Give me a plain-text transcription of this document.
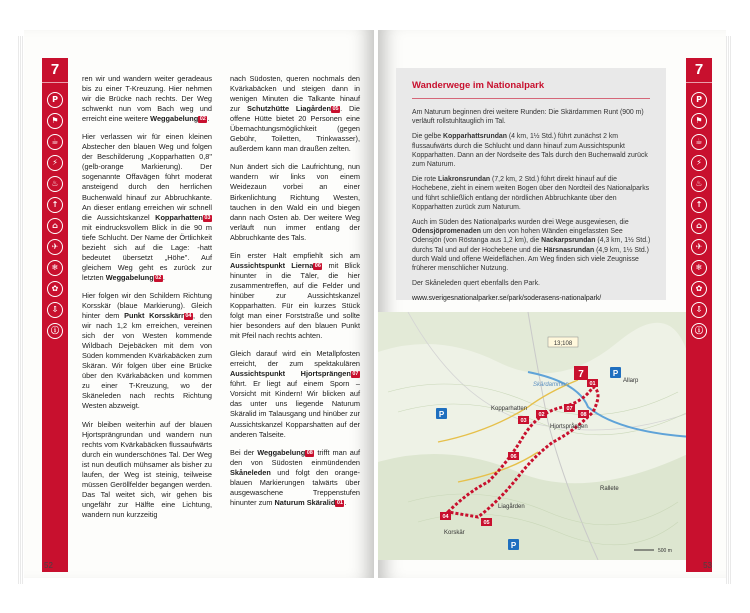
7
P
⚑
☕
⚡
♨
↑
⌂
✈
❄
✿
⇩
ⓘ

ren wir und wandern weiter geradeaus bis zu einer T-Kreuzung. Hier nehmen wir die Brücke nach rechts. Der Weg schwenkt nun vom Bach weg und erreicht eine weitere Weggabelung 02 .

Hier verlassen wir für einen kleinen Abstecher den blauen Weg und folgen der Beschilderung „Kopparhatten 0,8" (gelb-orange Markierung). Der sogenannte Offavägen führt moderat ansteigend durch den herrlichen Buchenwald hinauf zur Abbruchkante. An dieser entlang erreichen wir schnell die Aussichtskanzel Kopparhatten 03 mit eindrucksvollem Blick in die 90 m tiefe Schlucht. Der Name der Örtlichkeit bezieht sich auf die Lage: -hatt bedeutet übersetzt „Höhe". Auf gleichem Weg geht es zurück zur letzten Weggabelung 02 .

Hier folgen wir den Schildern Richtung Korsskär (blaue Markierung). Gleich hinter dem Punkt Korsskärr 04 , den wir nach 1,2 km erreichen, vereinen sich der von Westen kommende Wildbach Dejebäcken mit dem von Süden kommenden Kvärkabäcken zum Skäran. Wir folgen über eine Brücke über den Kvärkabäcken und kommen zu einer T-Kreuzung, wo der Skäneleden nach rechts Richtung Westen abzweigt.

Wir bleiben weiterhin auf der blauen Hjortsprängrundan und wandern nun rechts vom Kvärkabäcken flussaufwärts durch ein wunderschönes Tal. Der Weg ist nun deutlich mühsamer als bisher zu laufen, der Weg ist steinig, teilweise müssen Geröllfelder begangen werden. Das Tal weitet sich, wir gehen bis ungefähr zur Hälfte eine Lichtung, wandern nun kurzzeitig

nach Südosten, queren nochmals den Kvärkabäcken und steigen dann in wenigen Minuten die Talkante hinauf zur Schutzhütte Liagården 05 . Die offene Hütte bietet 20 Personen eine Übernachtungsmöglichkeit (gegen Gebühr, Toiletten, Trinkwasser), außerdem kann man draußen zelten.

Nun ändert sich die Laufrichtung, nun wandern wir links von einem Weidezaun vorbei an einer Birkenlichtung Richtung Westen, tauchen in den Wald ein und biegen dann nach Osten ab. Der weitere Weg verläuft nun immer entlang der Abbruchkante des Tals.

Ein erster Halt empfiehlt sich am Aussichtspunkt Lierna 06 mit Blick hinunter in die Täler, die hier zusammentreffen, auf die Felder und hinüber zur Aussichtskanzel Kopparhatten. Für ein kurzes Stück folgt man einer Forststraße und sollte hier besonders auf den blauen Punkt mit Pfeil nach rechts achten.

Gleich darauf wird ein Metallpfosten erreicht, der zum spektakulären Aussichtspunkt Hjortsprängen 07 führt. Er liegt auf einem Sporn – Vorsicht mit Kindern! Wir blicken auf das unter uns liegende Naturum Skäralid im Talausgang und hinüber zur Aussichtskanzel Kopparshatten auf der anderen Talseite.

Bei der Weggabelung 08 trifft man auf den von Südosten einmündenden Skåneleden und folgt den orange-blauen Markierungen talwärts über ausgewaschene Treppenstufen hinunter zum Naturum Skäralid 01 .

52
Wanderwege im Nationalpark

Am Naturum beginnen drei weitere Runden: Die Skärdammen Runt (900 m) verläuft rollstuhltauglich im Tal.

Die gelbe Kopparhattsrundan (4 km, 1½ Std.) führt zunächst 2 km flussaufwärts durch die Schlucht und dann hinauf zum Aussichtspunkt Kopparhatten. Dann an der Nordseite des Tals durch den Buchenwald zurück zum Naturum.

Die rote Liakronsrundan (7,2 km, 2 Std.) führt direkt hinauf auf die Hochebene, zieht in einem weiten Bogen über den Nordteil des Nationalparks und führt schließlich entlang der nördlichen Abbruchkante über den Kopparhatten zurück zum Naturum.

Auch im Süden des Nationalparks wurden drei Wege ausgewiesen, die Odensjöpromenaden um den von hohen Wänden eingefassten See Odensjön (von Röstanga aus 1,2 km), die Nackarpsrundan (4,3 km, 1½ Std.) durchs Tal und auf der Hochebene und die Härsnasrundan (4,9 km, 1½ Std.) durch Wald und offene Weideflächen. Am Weg finden sich viele Zeugnisse früherer menschlicher Nutzung.

Der Skåneleden quert ebenfalls den Park.

www.sverigesnationalparker.se/park/soderasens-nationalpark/

13;108
01
02
03
04
05
06
07
08
7
P
P
P
Skärdammen
Allarp
Kopparhatten
Hjortsprången
Liagården
Korskär
Rallete
500 m
7
P
⚑
☕
⚡
♨
↑
⌂
✈
❄
✿
⇩
ⓘ
53
